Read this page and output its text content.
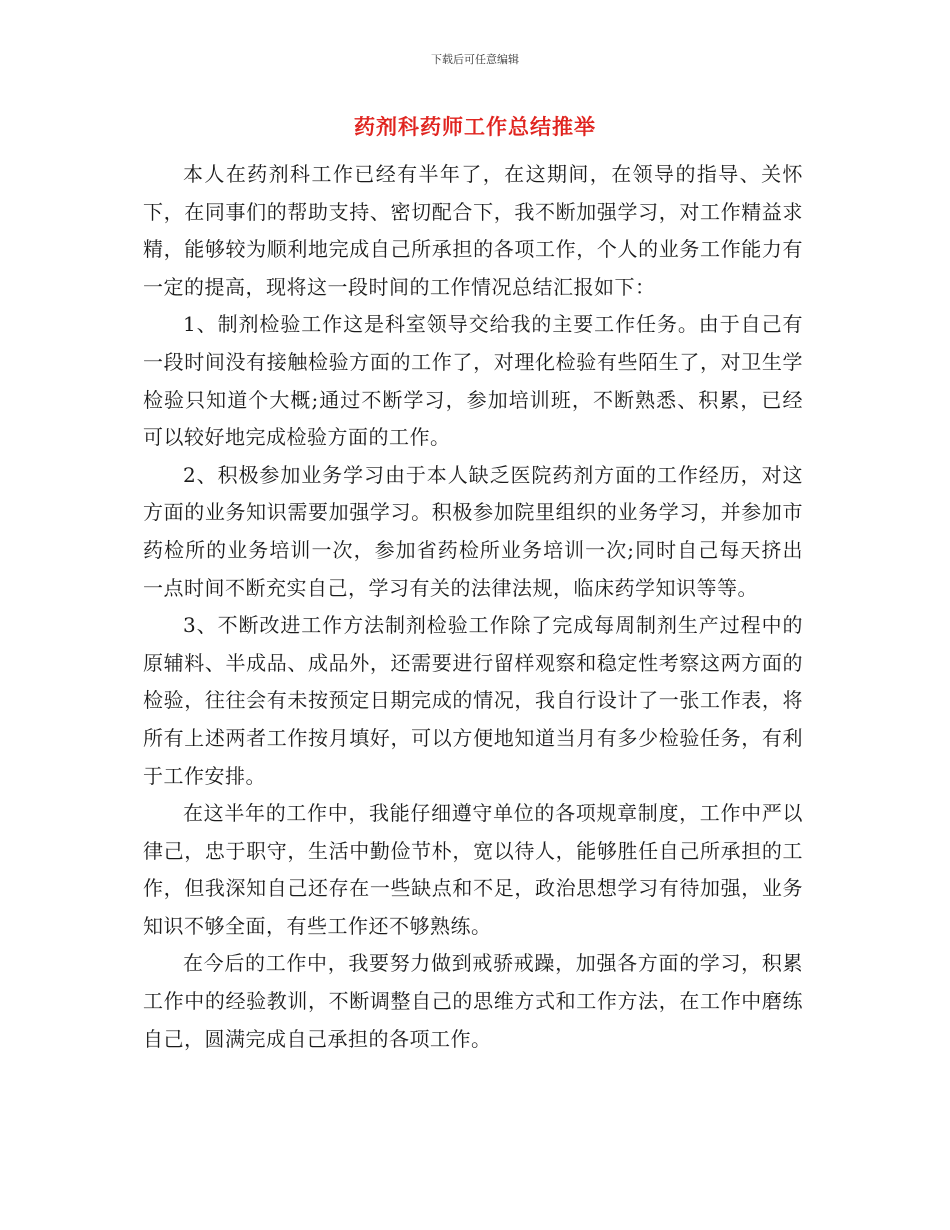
下载后可任意编辑
药剂科药师工作总结推举

本人在药剂科工作已经有半年了，在这期间，在领导的指导、关怀下，在同事们的帮助支持、密切配合下，我不断加强学习，对工作精益求精，能够较为顺利地完成自己所承担的各项工作，个人的业务工作能力有一定的提高，现将这一段时间的工作情况总结汇报如下：

1、制剂检验工作这是科室领导交给我的主要工作任务。由于自己有一段时间没有接触检验方面的工作了，对理化检验有些陌生了，对卫生学检验只知道个大概;通过不断学习，参加培训班，不断熟悉、积累，已经可以较好地完成检验方面的工作。

2、积极参加业务学习由于本人缺乏医院药剂方面的工作经历，对这方面的业务知识需要加强学习。积极参加院里组织的业务学习，并参加市药检所的业务培训一次，参加省药检所业务培训一次;同时自己每天挤出一点时间不断充实自己，学习有关的法律法规，临床药学知识等等。

3、不断改进工作方法制剂检验工作除了完成每周制剂生产过程中的原辅料、半成品、成品外，还需要进行留样观察和稳定性考察这两方面的检验，往往会有未按预定日期完成的情况，我自行设计了一张工作表，将所有上述两者工作按月填好，可以方便地知道当月有多少检验任务，有利于工作安排。

在这半年的工作中，我能仔细遵守单位的各项规章制度，工作中严以律己，忠于职守，生活中勤俭节朴，宽以待人，能够胜任自己所承担的工作，但我深知自己还存在一些缺点和不足，政治思想学习有待加强，业务知识不够全面，有些工作还不够熟练。

在今后的工作中，我要努力做到戒骄戒躁，加强各方面的学习，积累工作中的经验教训，不断调整自己的思维方式和工作方法，在工作中磨练自己，圆满完成自己承担的各项工作。
